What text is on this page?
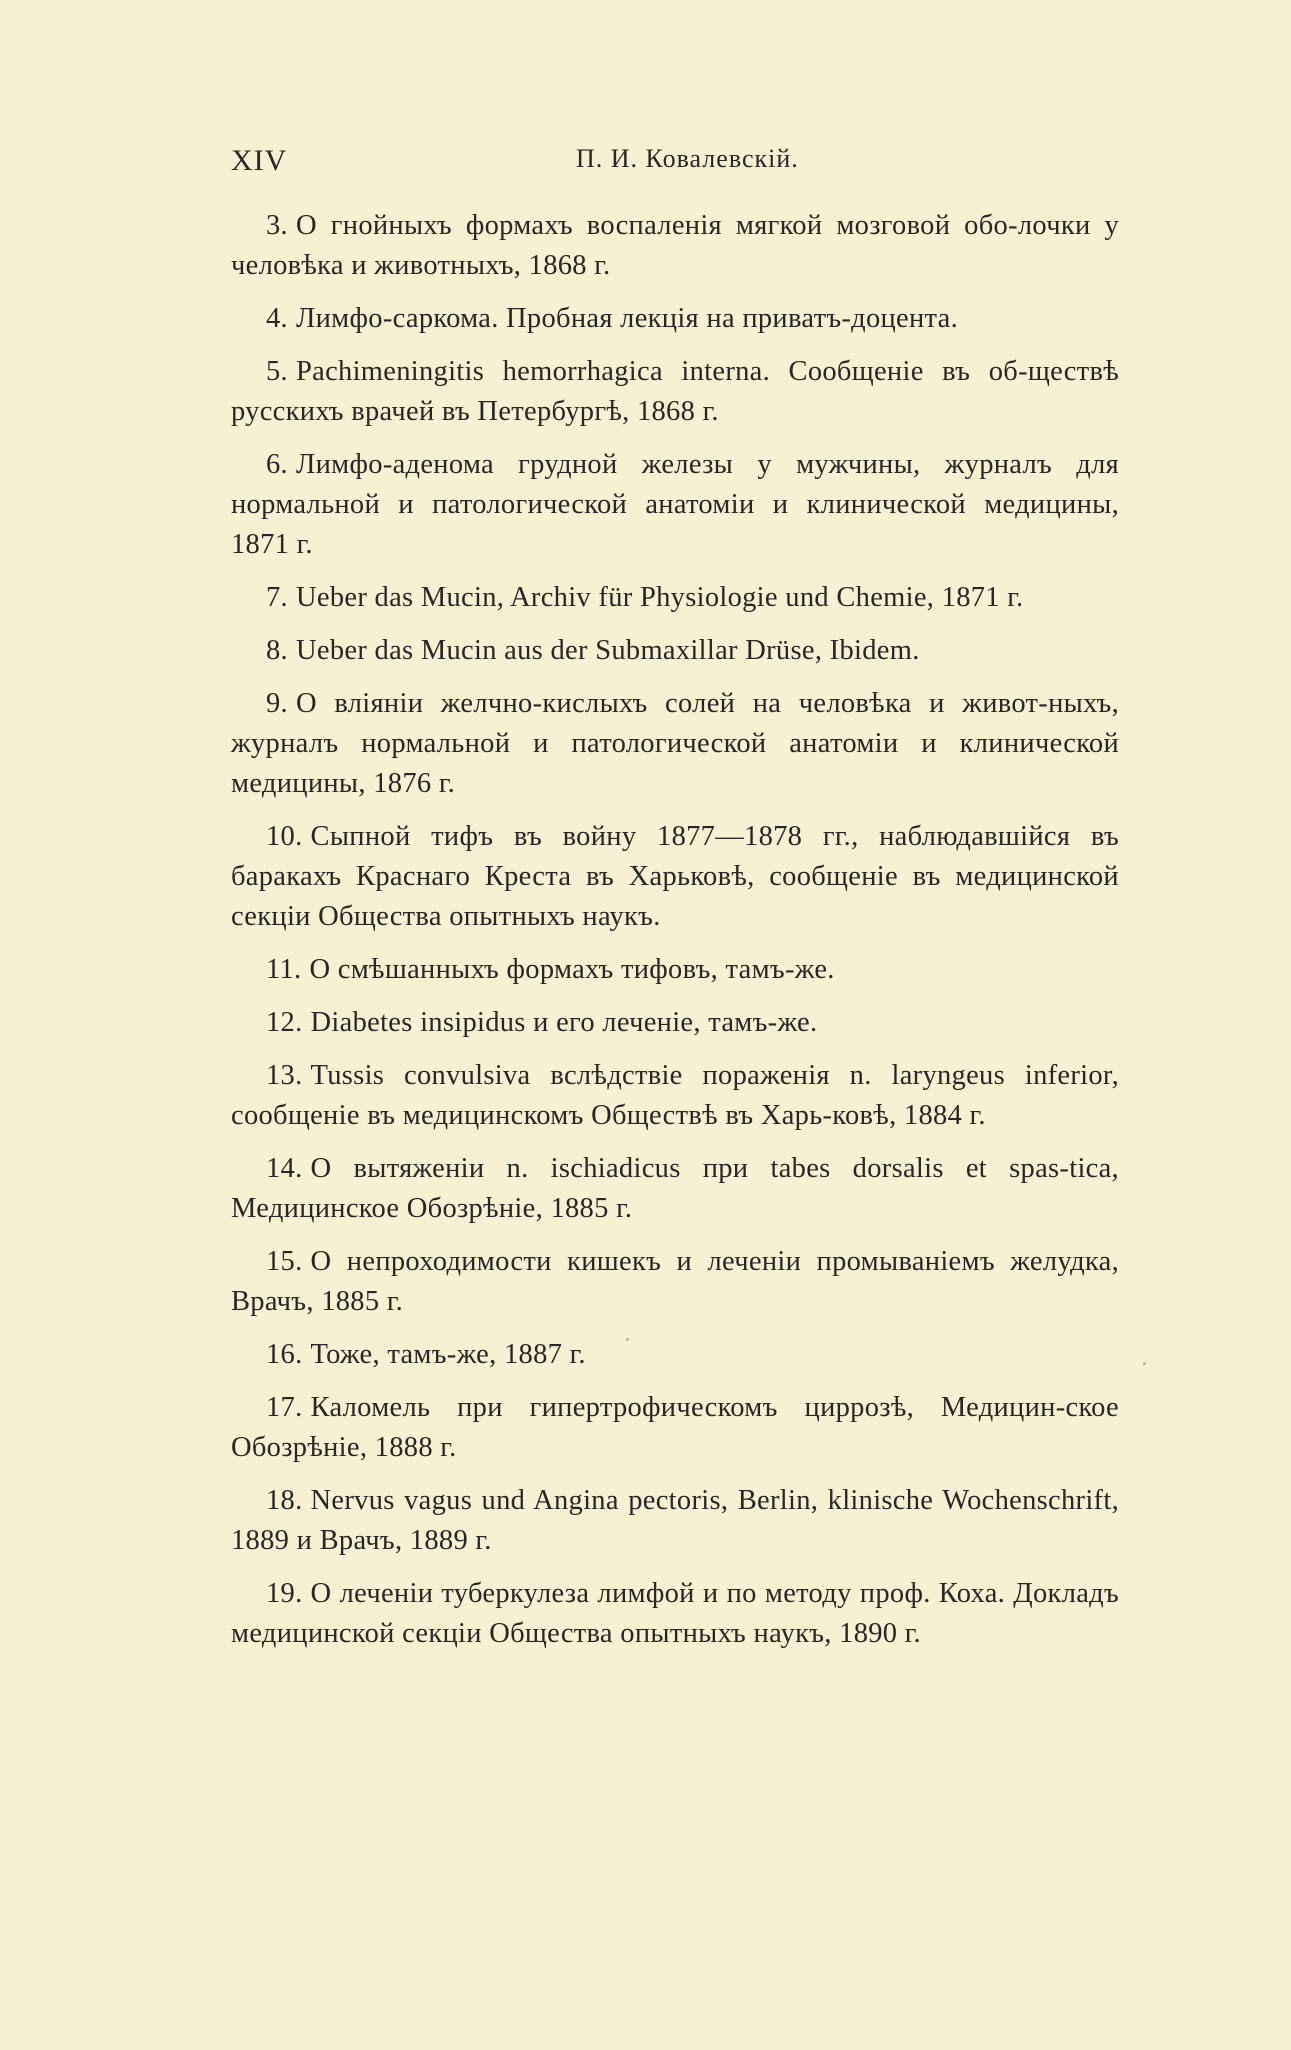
XIV	П. И. Ковалевскій.

3. О гнойныхъ формахъ воспаленія мягкой мозговой обо-лочки у человѣка и животныхъ, 1868 г.

4. Лимфо-саркома. Пробная лекція на приватъ-доцента.

5. Pachimeningitis hemorrhagica interna. Сообщеніе въ об-ществѣ русскихъ врачей въ Петербургѣ, 1868 г.

6. Лимфо-аденома грудной железы у мужчины, журналъ для нормальной и патологической анатоміи и клинической медицины, 1871 г.

7. Ueber das Mucin, Archiv für Physiologie und Chemie, 1871 г.

8. Ueber das Mucin aus der Submaxillar Drüse, Ibidem.

9. О вліяніи желчно-кислыхъ солей на человѣка и живот-ныхъ, журналъ нормальной и патологической анатоміи и клинической медицины, 1876 г.

10. Сыпной тифъ въ войну 1877—1878 гг., наблюдавшійся въ баракахъ Краснаго Креста въ Харьковѣ, сообщеніе въ медицинской секціи Общества опытныхъ наукъ.

11. О смѣшанныхъ формахъ тифовъ, тамъ-же.

12. Diabetes insipidus и его леченіе, тамъ-же.

13. Tussis convulsiva вслѣдствіе пораженія n. laryngeus inferior, сообщеніе въ медицинскомъ Обществѣ въ Харь-ковѣ, 1884 г.

14. О вытяженіи n. ischiadicus при tabes dorsalis et spas-tica, Медицинское Обозрѣніе, 1885 г.

15. О непроходимости кишекъ и леченіи промываніемъ желудка, Врачъ, 1885 г.

16. Тоже, тамъ-же, 1887 г.

17. Каломель при гипертрофическомъ циррозѣ, Медицин-ское Обозрѣніе, 1888 г.

18. Nervus vagus und Angina pectoris, Berlin, klinische Wochenschrift, 1889 и Врачъ, 1889 г.

19. О леченіи туберкулеза лимфой и по методу проф. Коха. Докладъ медицинской секціи Общества опытныхъ наукъ, 1890 г.
